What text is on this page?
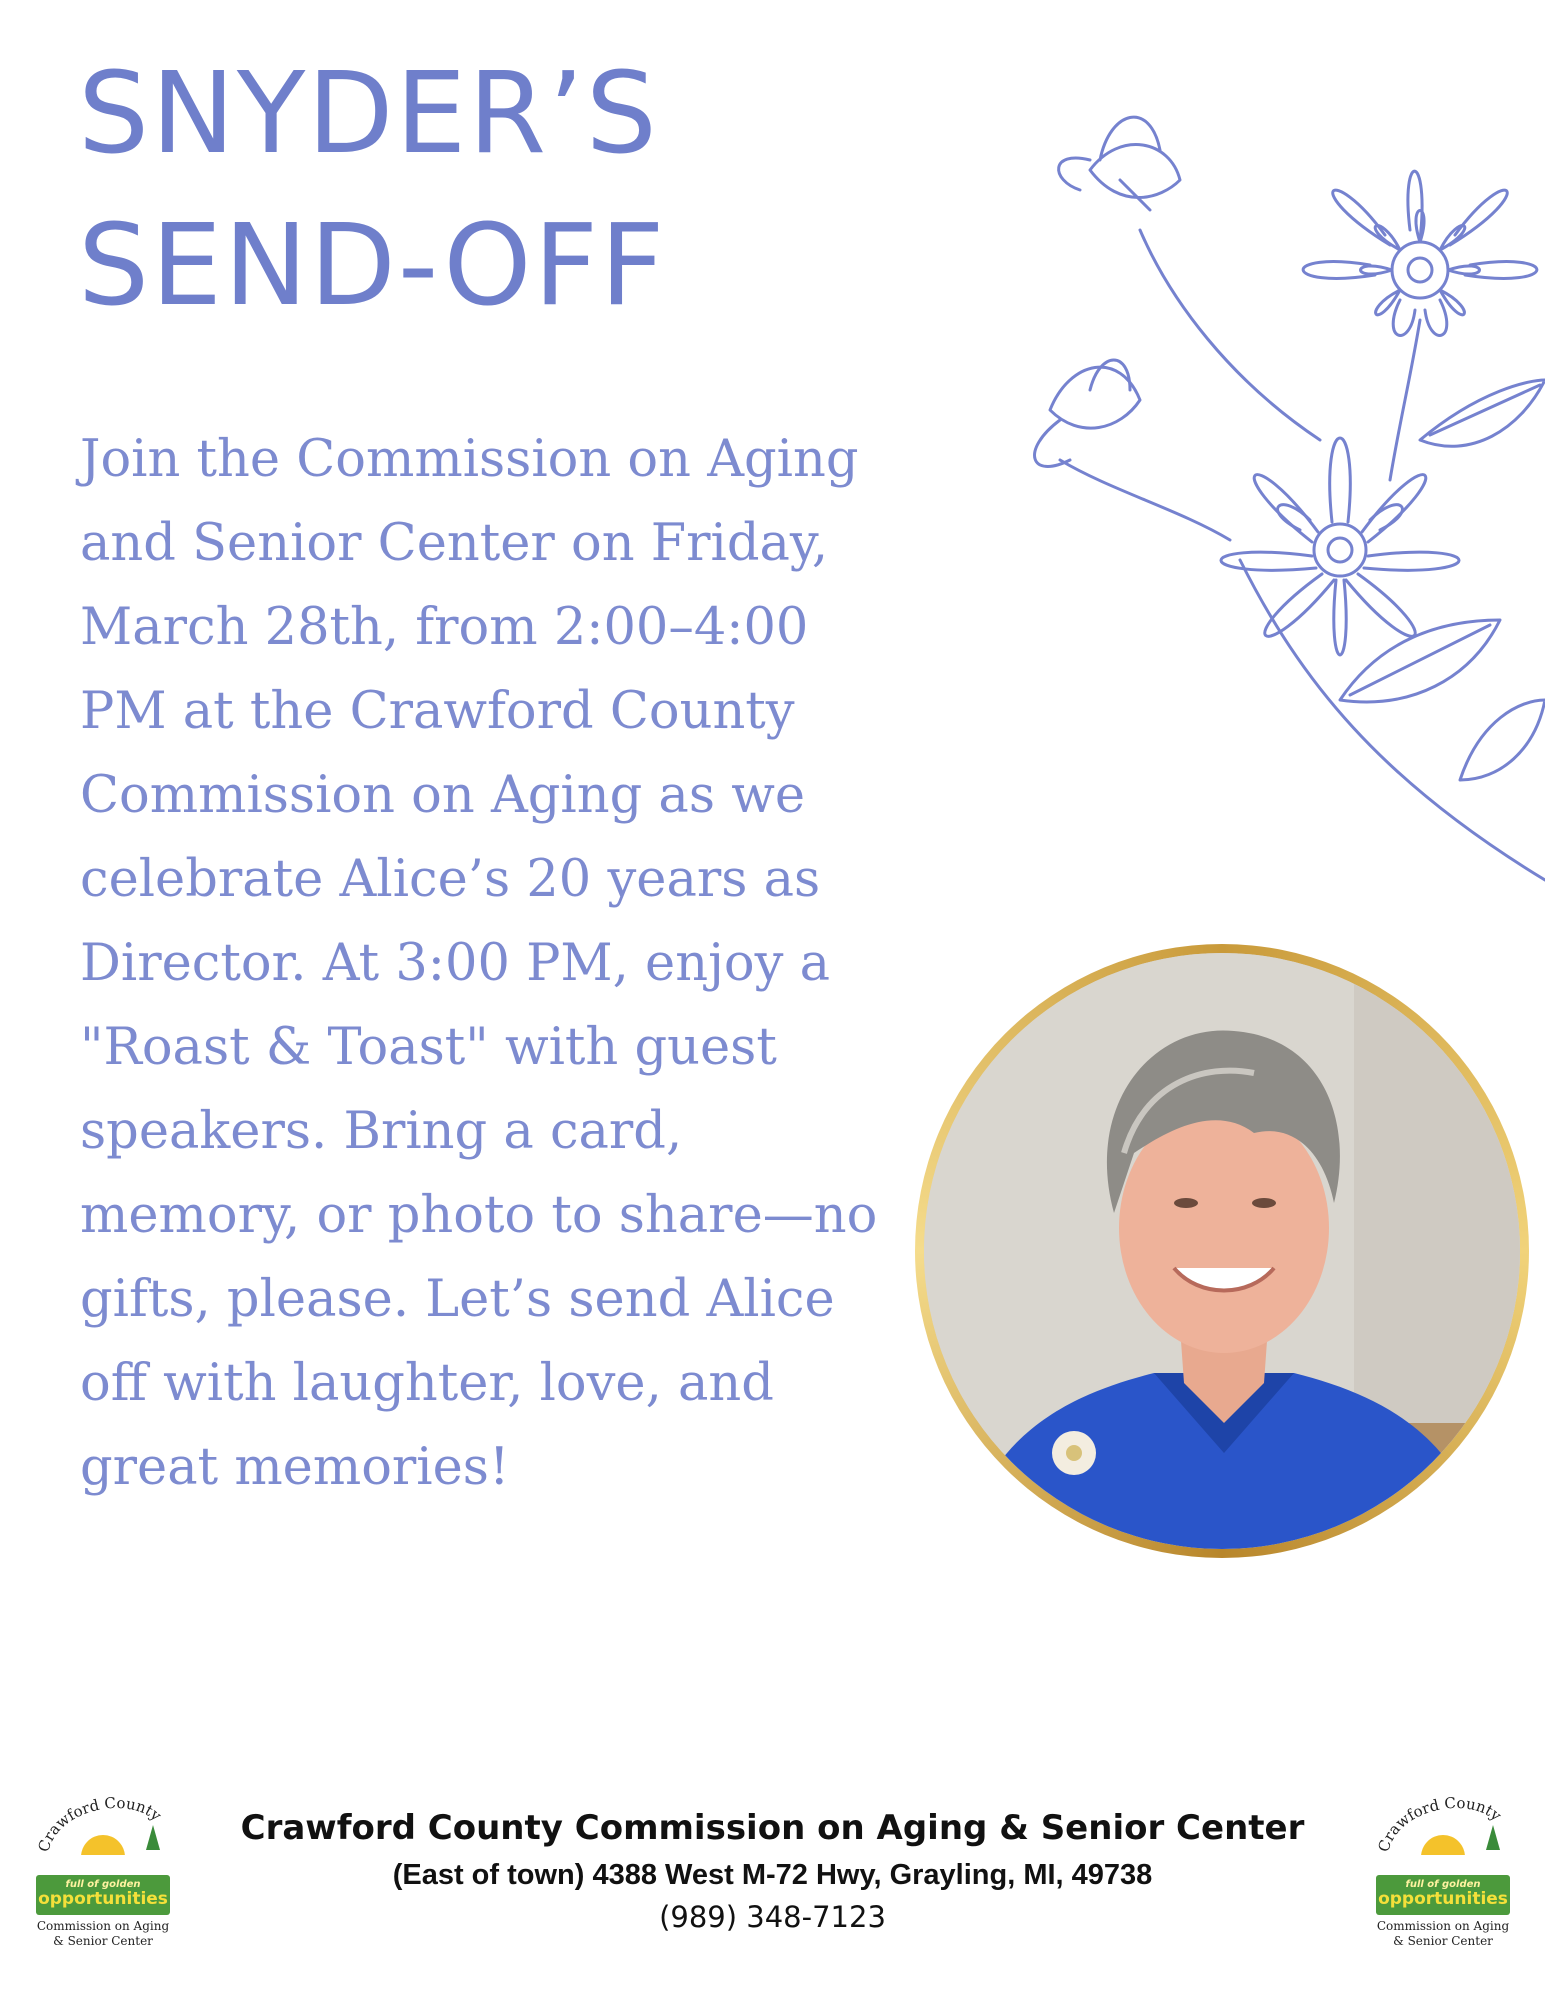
SNYDER’S
SEND-OFF

Join the Commission on Aging and Senior Center on Friday, March 28th, from 2:00–4:00 PM at the Crawford County Commission on Aging as we celebrate Alice’s 20 years as Director. At 3:00 PM, enjoy a "Roast & Toast" with guest speakers. Bring a card, memory, or photo to share—no gifts, please. Let’s send Alice off with laughter, love, and great memories!

Crawford County
full of golden
opportunities
Commission on Aging
& Senior Center
Crawford County
full of golden
opportunities
Commission on Aging
& Senior Center

Crawford County Commission on Aging & Senior Center

(East of town) 4388 West M-72 Hwy, Grayling, MI, 49738

(989) 348-7123
